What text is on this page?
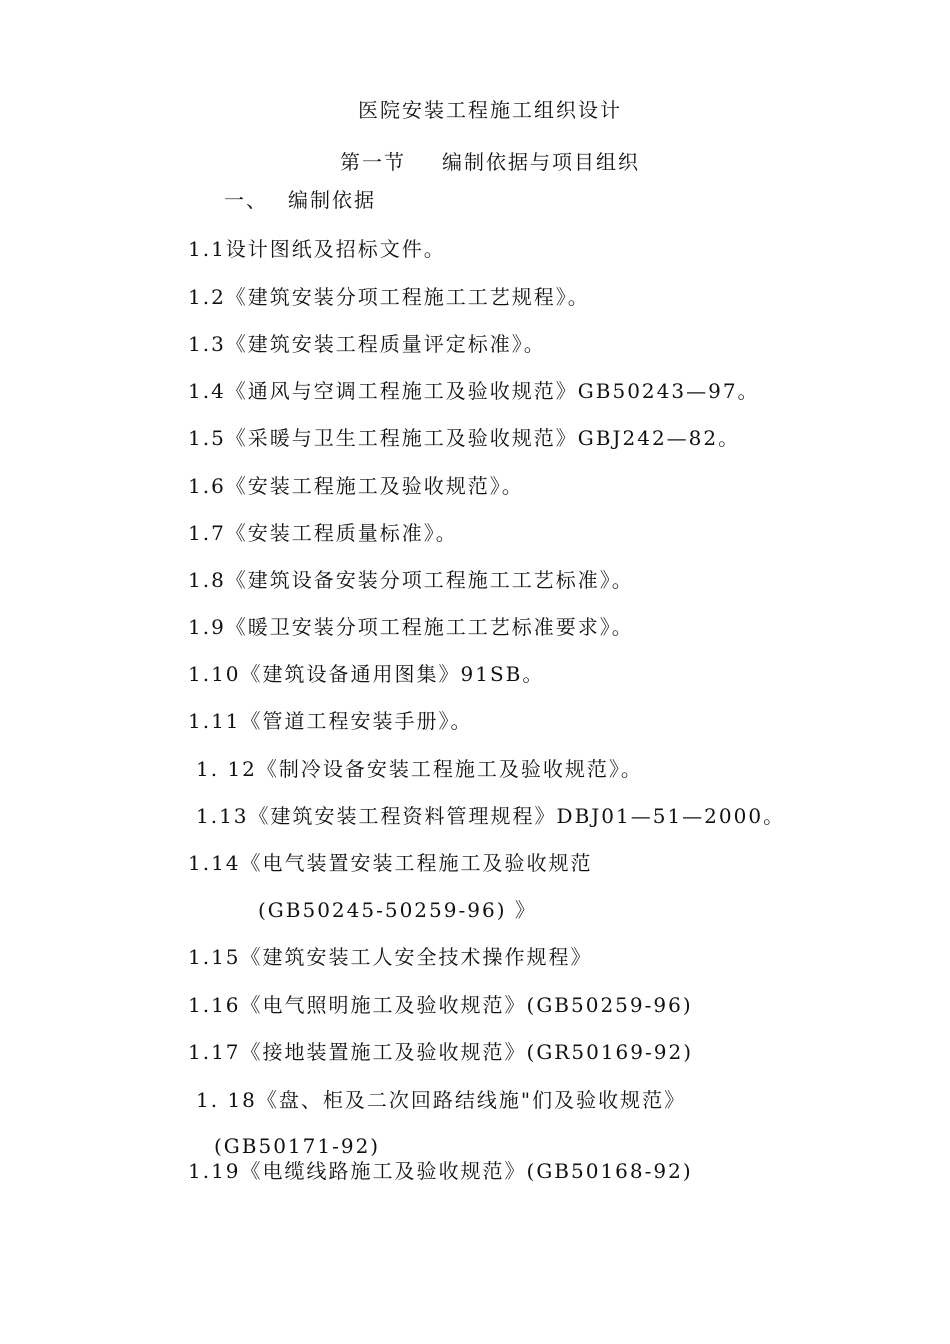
医院安装工程施工组织设计
第一节 编制依据与项目组织
一、 编制依据
1.1设计图纸及招标文件。
1.2《建筑安装分项工程施工工艺规程》。
1.3《建筑安装工程质量评定标准》。
1.4《通风与空调工程施工及验收规范》GB50243—97。
1.5《采暖与卫生工程施工及验收规范》GBJ242—82。
1.6《安装工程施工及验收规范》。
1.7《安装工程质量标准》。
1.8《建筑设备安装分项工程施工工艺标准》。
1.9《暖卫安装分项工程施工工艺标准要求》。
1.10《建筑设备通用图集》91SB。
1.11《管道工程安装手册》。
1. 12《制冷设备安装工程施工及验收规范》。
1.13《建筑安装工程资料管理规程》DBJ01—51—2000。
1.14《电气装置安装工程施工及验收规范
(GB50245-50259-96) 》
1.15《建筑安装工人安全技术操作规程》
1.16《电气照明施工及验收规范》(GB50259-96)
1.17《接地装置施工及验收规范》(GR50169-92)
1. 18《盘、柜及二次回路结线施"们及验收规范》
(GB50171-92)
1.19《电缆线路施工及验收规范》(GB50168-92)
